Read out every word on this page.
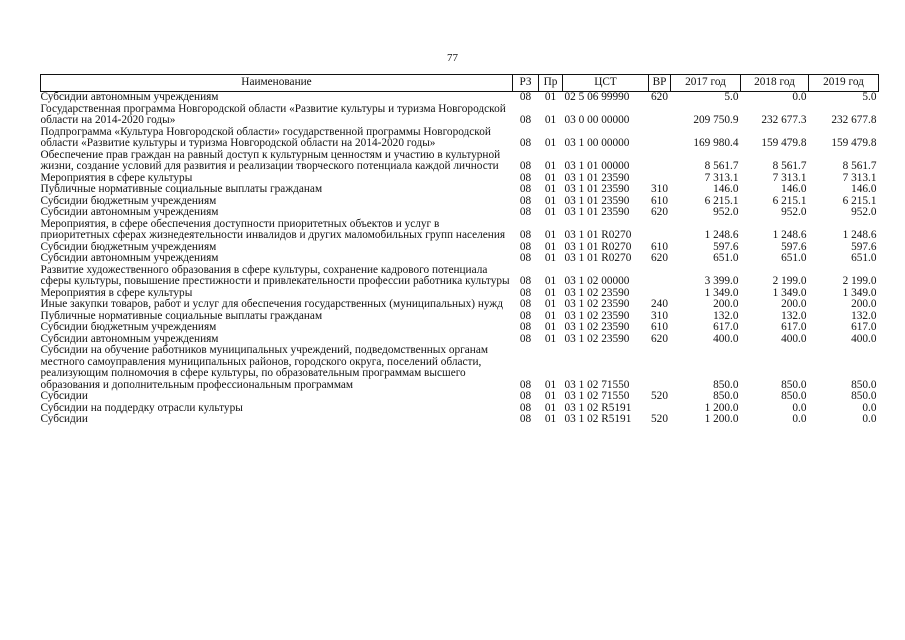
77
Наименование	РЗ	Пр	ЦСТ	ВР	2017 год	2018 год	2019 год
Субсидии автономным учреждениям	08	01	02 5 06 99990	620	5.0	0.0	5.0
Государственная программа Новгородской области «Развитие культуры и туризма Новгородской области на 2014-2020 годы»	08	01	03 0 00 00000		209 750.9	232 677.3	232 677.8
Подпрограмма «Культура Новгородской области» государственной программы Новгородской области «Развитие культуры и туризма Новгородской области на 2014-2020 годы»	08	01	03 1 00 00000		169 980.4	159 479.8	159 479.8
Обеспечение прав граждан на равный доступ к культурным ценностям и участию в культурной жизни, создание условий для развития и реализации творческого потенциала каждой личности	08	01	03 1 01 00000		8 561.7	8 561.7	8 561.7
Мероприятия в сфере культуры	08	01	03 1 01 23590		7 313.1	7 313.1	7 313.1
Публичные нормативные социальные выплаты гражданам	08	01	03 1 01 23590	310	146.0	146.0	146.0
Субсидии бюджетным учреждениям	08	01	03 1 01 23590	610	6 215.1	6 215.1	6 215.1
Субсидии автономным учреждениям	08	01	03 1 01 23590	620	952.0	952.0	952.0
Мероприятия, в сфере обеспечения доступности приоритетных объектов и услуг в приоритетных сферах жизнедеятельности инвалидов и других маломобильных групп населения	08	01	03 1 01 R0270		1 248.6	1 248.6	1 248.6
Субсидии бюджетным учреждениям	08	01	03 1 01 R0270	610	597.6	597.6	597.6
Субсидии автономным учреждениям	08	01	03 1 01 R0270	620	651.0	651.0	651.0
Развитие художественного образования в сфере культуры, сохранение кадрового потенциала сферы культуры, повышение престижности и привлекательности профессии работника культуры	08	01	03 1 02 00000		3 399.0	2 199.0	2 199.0
Мероприятия в сфере культуры	08	01	03 1 02 23590		1 349.0	1 349.0	1 349.0
Иные закупки товаров, работ и услуг для обеспечения государственных (муниципальных) нужд	08	01	03 1 02 23590	240	200.0	200.0	200.0
Публичные нормативные социальные выплаты гражданам	08	01	03 1 02 23590	310	132.0	132.0	132.0
Субсидии бюджетным учреждениям	08	01	03 1 02 23590	610	617.0	617.0	617.0
Субсидии автономным учреждениям	08	01	03 1 02 23590	620	400.0	400.0	400.0
Субсидии на обучение работников муниципальных учреждений, подведомственных органам местного самоуправления муниципальных районов, городского округа, поселений области, реализующим полномочия в сфере культуры, по образовательным программам высшего образования и дополнительным профессиональным программам	08	01	03 1 02 71550		850.0	850.0	850.0
Субсидии	08	01	03 1 02 71550	520	850.0	850.0	850.0
Субсидии на поддердку отрасли культуры	08	01	03 1 02 R5191		1 200.0	0.0	0.0
Субсидии	08	01	03 1 02 R5191	520	1 200.0	0.0	0.0
